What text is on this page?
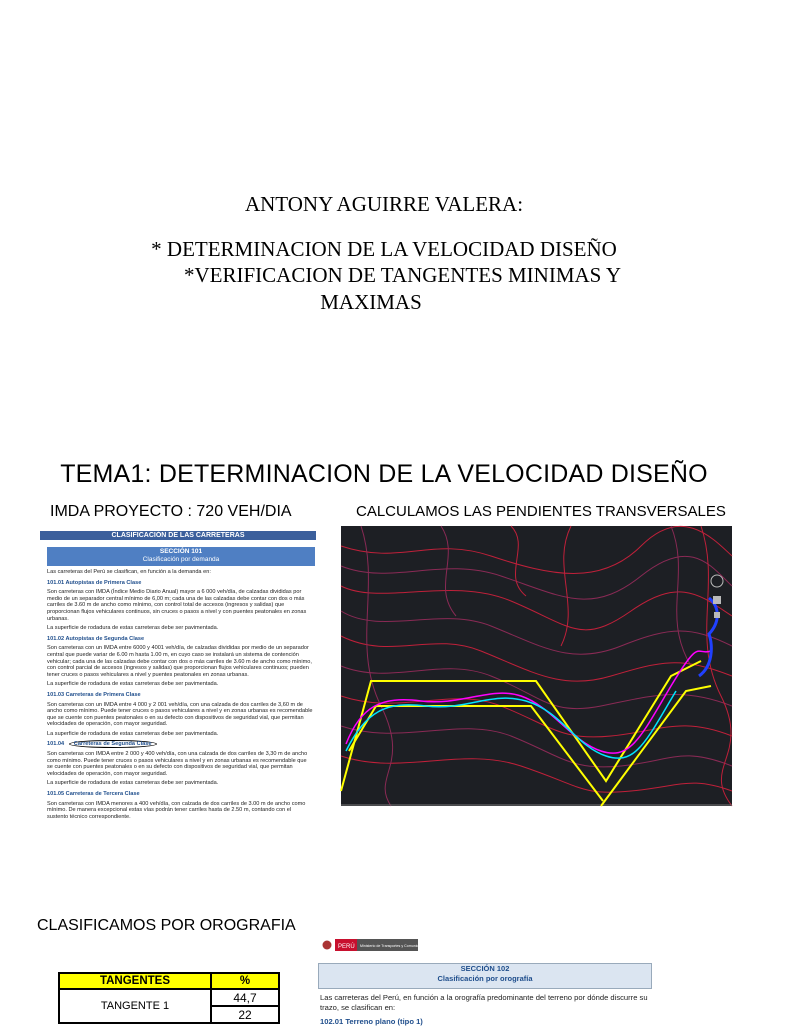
ANTONY AGUIRRE VALERA:
* DETERMINACION DE LA VELOCIDAD DISEÑO
*VERIFICACION DE TANGENTES MINIMAS Y
MAXIMAS
TEMA1: DETERMINACION DE LA VELOCIDAD DISEÑO
IMDA PROYECTO : 720 VEH/DIA	CALCULAMOS LAS PENDIENTES TRANSVERSALES
CLASIFICACIÓN DE LAS CARRETERAS
SECCIÓN 101
Clasificación por demanda

Las carreteras del Perú se clasifican, en función a la demanda en:

101.01 Autopistas de Primera Clase

Son carreteras con IMDA (Índice Medio Diario Anual) mayor a 6 000 veh/día, de calzadas divididas por medio de un separador central mínimo de 6,00 m; cada una de las calzadas debe contar con dos o más carriles de 3.60 m de ancho como mínimo, con control total de accesos (ingresos y salidas) que proporcionan flujos vehiculares continuos, sin cruces o pasos a nivel y con puentes peatonales en zonas urbanas.

La superficie de rodadura de estas carreteras debe ser pavimentada.

101.02 Autopistas de Segunda Clase

Son carreteras con un IMDA entre 6000 y 4001 veh/día, de calzadas divididas por medio de un separador central que puede variar de 6.00 m hasta 1.00 m, en cuyo caso se instalará un sistema de contención vehicular; cada una de las calzadas debe contar con dos o más carriles de 3.60 m de ancho como mínimo, con control parcial de accesos (ingresos y salidas) que proporcionan flujos vehiculares continuos; pueden tener cruces o pasos vehiculares a nivel y puentes peatonales en zonas urbanas.

La superficie de rodadura de estas carreteras debe ser pavimentada.

101.03 Carreteras de Primera Clase

Son carreteras con un IMDA entre 4 000 y 2 001 veh/día, con una calzada de dos carriles de 3,60 m de ancho como mínimo. Puede tener cruces o pasos vehiculares a nivel y en zonas urbanas es recomendable que se cuente con puentes peatonales o en su defecto con dispositivos de seguridad vial, que permitan velocidades de operación, con mayor seguridad.

La superficie de rodadura de estas carreteras debe ser pavimentada.

101.04 Carreteras de Segunda Clase

Son carreteras con IMDA entre 2 000 y 400 veh/día, con una calzada de dos carriles de 3,30 m de ancho como mínimo. Puede tener cruces o pasos vehiculares a nivel y en zonas urbanas es recomendable que se cuente con puentes peatonales o en su defecto con dispositivos de seguridad vial, que permitan velocidades de operación, con mayor seguridad.

La superficie de rodadura de estas carreteras debe ser pavimentada.

101.05 Carreteras de Tercera Clase

Son carreteras con IMDA menores a 400 veh/día, con calzada de dos carriles de 3.00 m de ancho como mínimo. De manera excepcional estas vías podrán tener carriles hasta de 2.50 m, contando con el sustento técnico correspondiente.

CLASIFICAMOS POR OROGRAFIA
PERÚ Ministerio de Transportes y Comunicaciones
SECCIÓN 102
Clasificación por orografía
Las carreteras del Perú, en función a la orografía predominante del terreno por dónde discurre su trazo, se clasifican en:
102.01 Terreno plano (tipo 1)
TANGENTES	%
TANGENTE 1	44,7
	22
